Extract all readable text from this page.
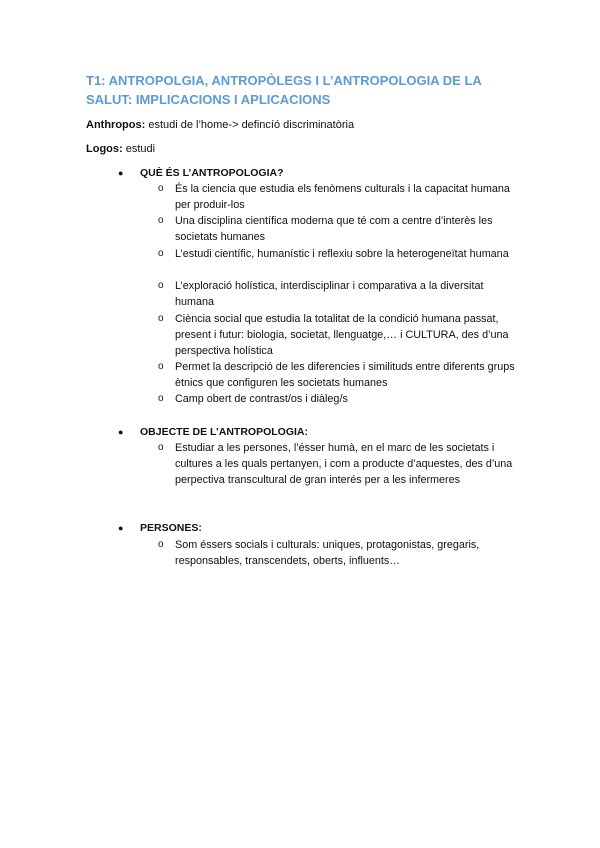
T1: ANTROPOLGIA, ANTROPÒLEGS I L’ANTROPOLOGIA DE LA SALUT: IMPLICACIONS I APLICACIONS
Anthropos: estudi de l’home-> defincíó discriminatòria
Logos: estudi
● QUÈ ÉS L’ANTROPOLOGIA?
o És la ciencia que estudia els fenòmens culturals i la capacitat humana per produir-los
o Una disciplina científica moderna que té com a centre d’interès les societats humanes
o L’estudi científic, humanístic i reflexiu sobre la heterogeneïtat humana
o L’exploració holística, interdisciplinar i comparativa a la diversitat humana
o Ciència social que estudia la totalitat de la condició humana passat, present i futur: biologia, societat, llenguatge,… i CULTURA, des d’una perspectiva holística
o Permet la descripció de les diferencies i similituds entre diferents grups ètnics que configuren les societats humanes
o Camp obert de contrast/os i diàleg/s
● OBJECTE DE L’ANTROPOLOGIA:
o Estudiar a les persones, l’ésser humà, en el marc de les societats i cultures a les quals pertanyen, i com a producte d’aquestes, des d’una perpectiva transcultural de gran interés per a les infermeres
● PERSONES:
o Som éssers socials i culturals: uniques, protagonistas, gregaris, responsables, transcendets, oberts, influents…
